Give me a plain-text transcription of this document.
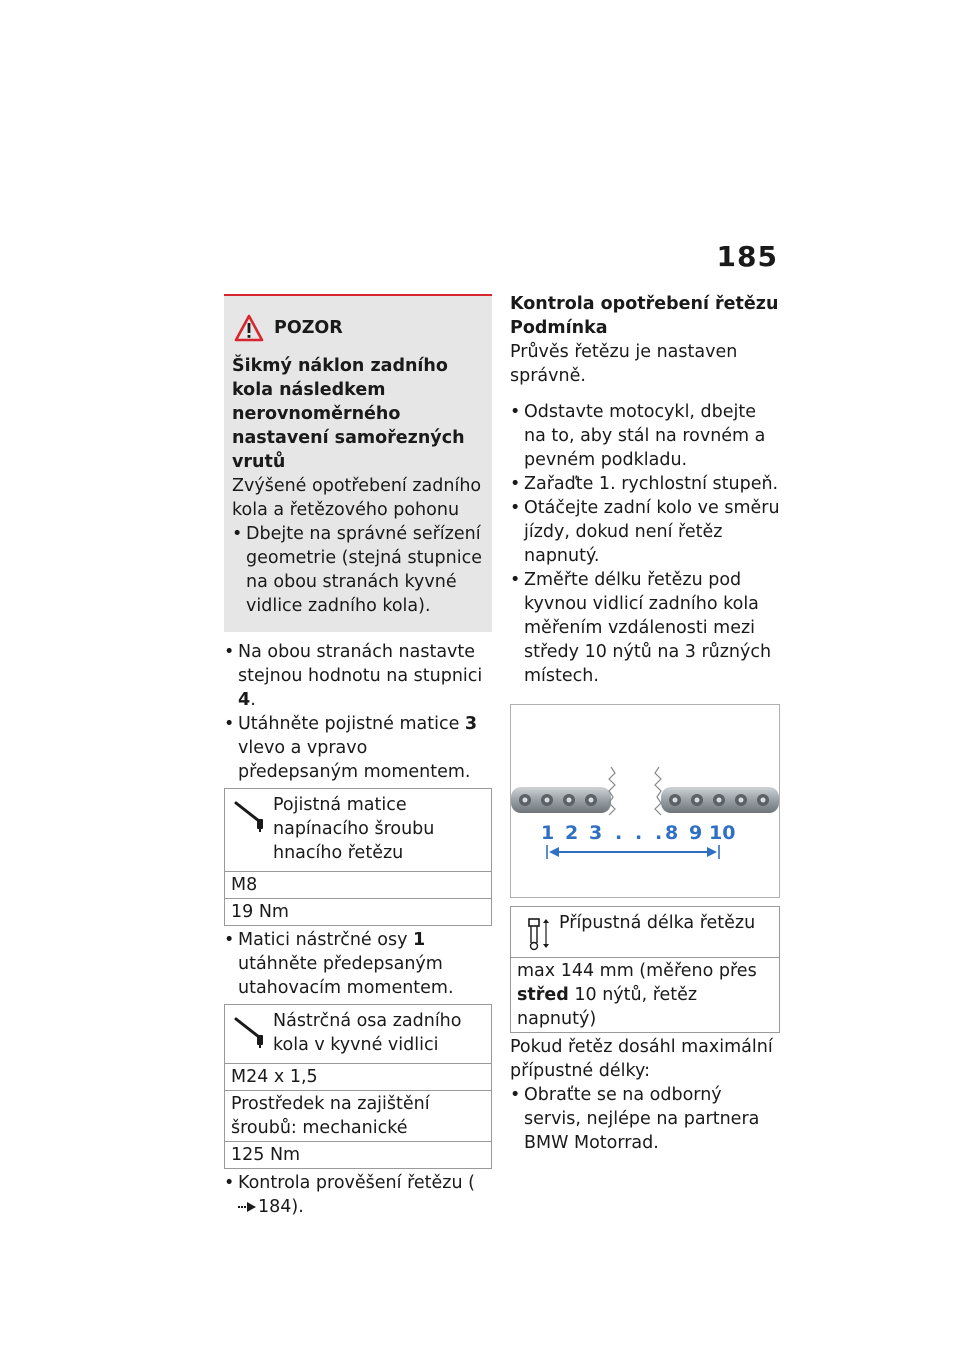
185
POZOR
Šikmý náklon zadního kola následkem nerovnoměrného nastavení samořezných vrutů
Zvýšené opotřebení zadního kola a řetězového pohonu
• Dbejte na správné seřízení geometrie (stejná stupnice na obou stranách kyvné vidlice zadního kola).
• Na obou stranách nastavte stejnou hodnotu na stupnici 4.
• Utáhněte pojistné matice 3 vlevo a vpravo předepsaným momentem.
Pojistná matice napínacího šroubu hnacího řetězu
M8
19 Nm
• Matici nástrčné osy 1 utáhněte předepsaným utahovacím momentem.
Nástrčná osa zadního kola v kyvné vidlici
M24 x 1,5
Prostředek na zajištění šroubů: mechanické
125 Nm
• Kontrola prověšení řetězu (184).
Kontrola opotřebení řetězu
Podmínka
Průvěs řetězu je nastaven správně.
• Odstavte motocykl, dbejte na to, aby stál na rovném a pevném podkladu.
• Zařaďte 1. rychlostní stupeň.
• Otáčejte zadní kolo ve směru jízdy, dokud není řetěz napnutý.
• Změřte délku řetězu pod kyvnou vidlicí zadního kola měřením vzdálenosti mezi středy 10 nýtů na 3 různých místech.
1 2 3 . . . 8 9 10
Přípustná délka řetězu
max 144 mm (měřeno přes střed 10 nýtů, řetěz napnutý)
Pokud řetěz dosáhl maximální přípustné délky:
• Obraťte se na odborný servis, nejlépe na partnera BMW Motorrad.
